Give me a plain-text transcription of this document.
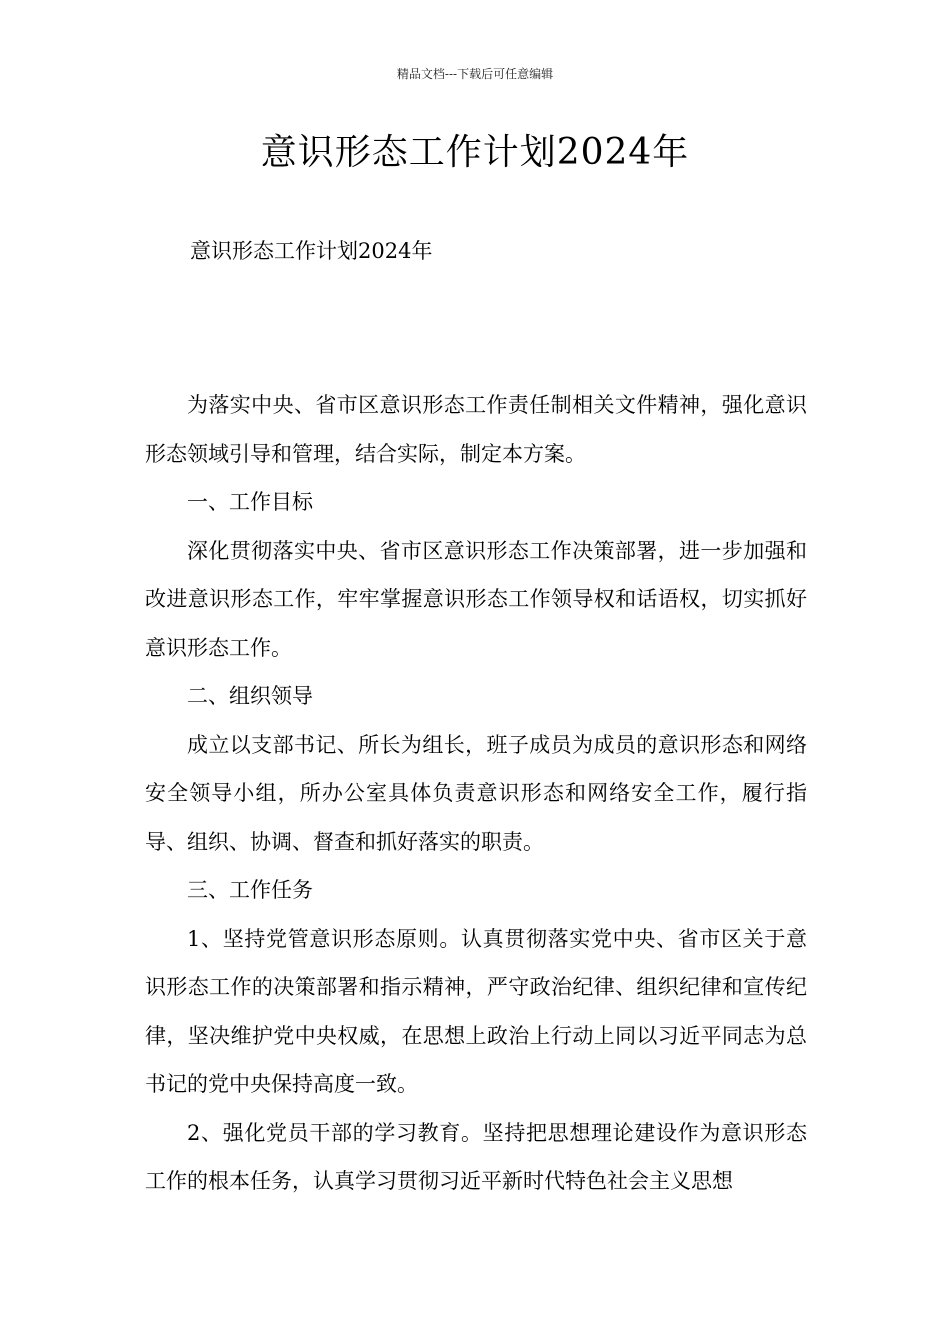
精品文档---下载后可任意编辑
意识形态工作计划2024年

意识形态工作计划2024年

为落实中央、省市区意识形态工作责任制相关文件精神，强化意识形态领域引导和管理，结合实际，制定本方案。

一、工作目标

深化贯彻落实中央、省市区意识形态工作决策部署，进一步加强和改进意识形态工作，牢牢掌握意识形态工作领导权和话语权，切实抓好意识形态工作。

二、组织领导

成立以支部书记、所长为组长，班子成员为成员的意识形态和网络安全领导小组，所办公室具体负责意识形态和网络安全工作，履行指导、组织、协调、督查和抓好落实的职责。

三、工作任务

1、坚持党管意识形态原则。认真贯彻落实党中央、省市区关于意识形态工作的决策部署和指示精神，严守政治纪律、组织纪律和宣传纪律，坚决维护党中央权威，在思想上政治上行动上同以习近平同志为总书记的党中央保持高度一致。

2、强化党员干部的学习教育。坚持把思想理论建设作为意识形态工作的根本任务，认真学习贯彻习近平新时代特色社会主义思想
